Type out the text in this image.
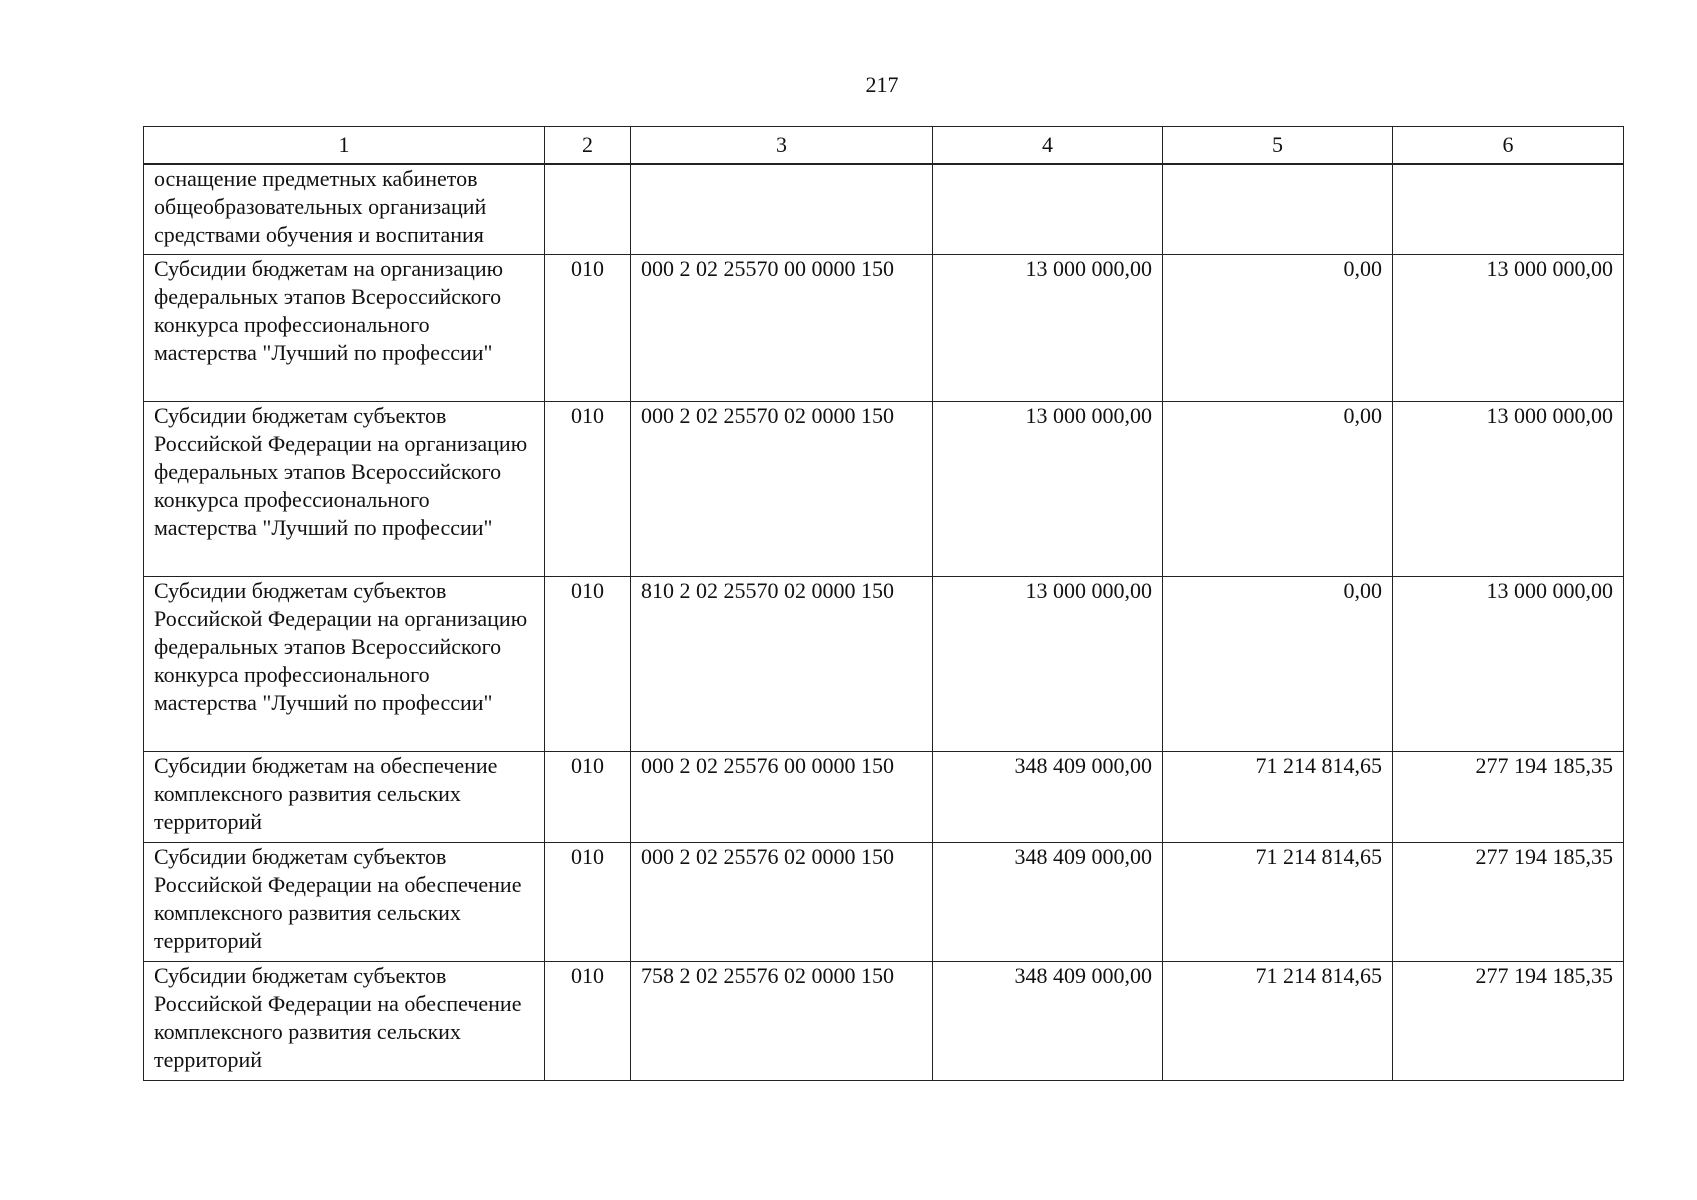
217
1	2	3	4	5	6
оснащение предметных кабинетов общеобразовательных организаций средствами обучения и воспитания					
Субсидии бюджетам на организацию федеральных этапов Всероссийского конкурса профессионального мастерства "Лучший по профессии"	010	000 2 02 25570 00 0000 150	13 000 000,00	0,00	13 000 000,00
Субсидии бюджетам субъектов Российской Федерации на организацию федеральных этапов Всероссийского конкурса профессионального мастерства "Лучший по профессии"	010	000 2 02 25570 02 0000 150	13 000 000,00	0,00	13 000 000,00
Субсидии бюджетам субъектов Российской Федерации на организацию федеральных этапов Всероссийского конкурса профессионального мастерства "Лучший по профессии"	010	810 2 02 25570 02 0000 150	13 000 000,00	0,00	13 000 000,00
Субсидии бюджетам на обеспечение комплексного развития сельских территорий	010	000 2 02 25576 00 0000 150	348 409 000,00	71 214 814,65	277 194 185,35
Субсидии бюджетам субъектов Российской Федерации на обеспечение комплексного развития сельских территорий	010	000 2 02 25576 02 0000 150	348 409 000,00	71 214 814,65	277 194 185,35
Субсидии бюджетам субъектов Российской Федерации на обеспечение комплексного развития сельских территорий	010	758 2 02 25576 02 0000 150	348 409 000,00	71 214 814,65	277 194 185,35
